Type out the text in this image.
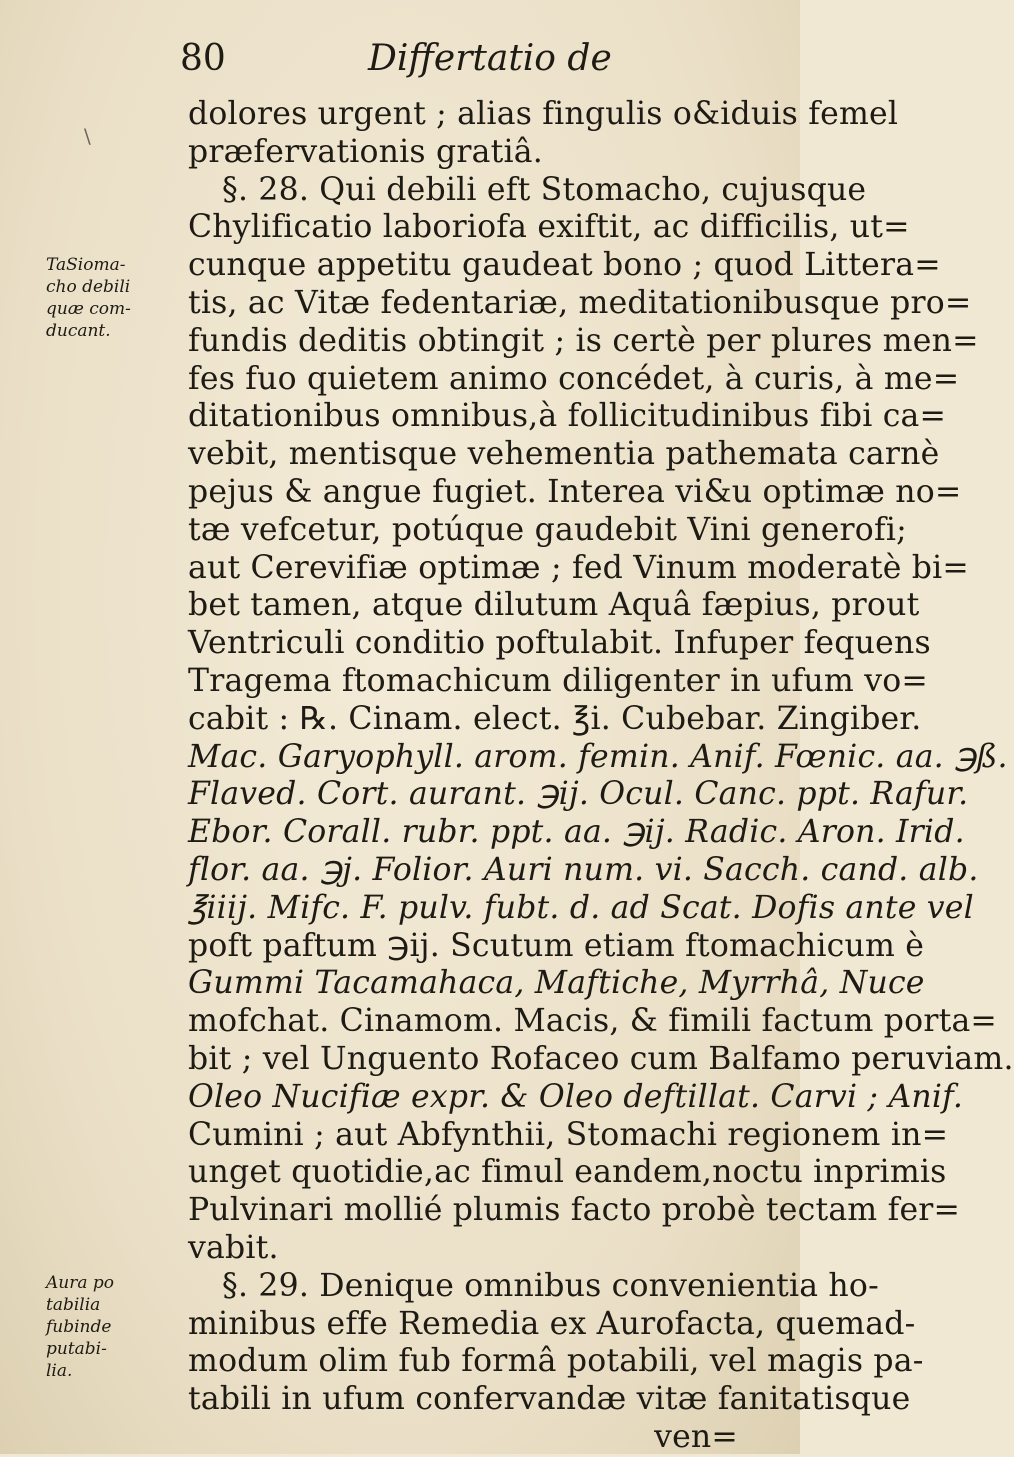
80	Differtatio de
\
TaSioma-
cho debili
quæ com-
ducant.
Aura po
tabilia
fubinde
putabi-
lia.
dolores urgent ; alias fingulis o&iduis femel
præfervationis gratiâ.
§. 28. Qui debili eft Stomacho, cujusque
Chylificatio laboriofa exiftit, ac difficilis, ut=
cunque appetitu gaudeat bono ; quod Littera=
tis, ac Vitæ fedentariæ, meditationibusque pro=
fundis deditis obtingit ; is certè per plures men=
fes fuo quietem animo concédet, à curis, à me=
ditationibus omnibus,à follicitudinibus fibi ca=
vebit, mentisque vehementia pathemata carnè
pejus & angue fugiet. Interea vi&u optimæ no=
tæ vefcetur, potúque gaudebit Vini generofi;
aut Cerevifiæ optimæ ; fed Vinum moderatè bi=
bet tamen, atque dilutum Aquâ fæpius, prout
Ventriculi conditio poftulabit. Infuper fequens
Tragema ftomachicum diligenter in ufum vo=
cabit : ℞. Cinam. elect. ℥i. Cubebar. Zingiber.
Mac. Garyophyll. arom. femin. Anif. Fœnic. aa. ℈ß.
Flaved. Cort. aurant. ℈ij. Ocul. Canc. ppt. Rafur.
Ebor. Corall. rubr. ppt. aa. ℈ij. Radic. Aron. Irid.
flor. aa. ℈j. Folior. Auri num. vi. Sacch. cand. alb.
℥iiij. Mifc. F. pulv. fubt. d. ad Scat. Dofis ante vel
poft paftum ℈ij. Scutum etiam ftomachicum è
Gummi Tacamahaca, Maftiche, Myrrhâ, Nuce
mofchat. Cinamom. Macis, & fimili factum porta=
bit ; vel Unguento Rofaceo cum Balfamo peruviam.
Oleo Nucifiæ expr. & Oleo deftillat. Carvi ; Anif.
Cumini ; aut Abfynthii, Stomachi regionem in=
unget quotidie,ac fimul eandem,noctu inprimis
Pulvinari mollié plumis facto probè tectam fer=
vabit.
§. 29. Denique omnibus convenientia ho-
minibus effe Remedia ex Aurofacta, quemad-
modum olim fub formâ potabili, vel magis pa-
tabili in ufum confervandæ vitæ fanitatisque
ven=
